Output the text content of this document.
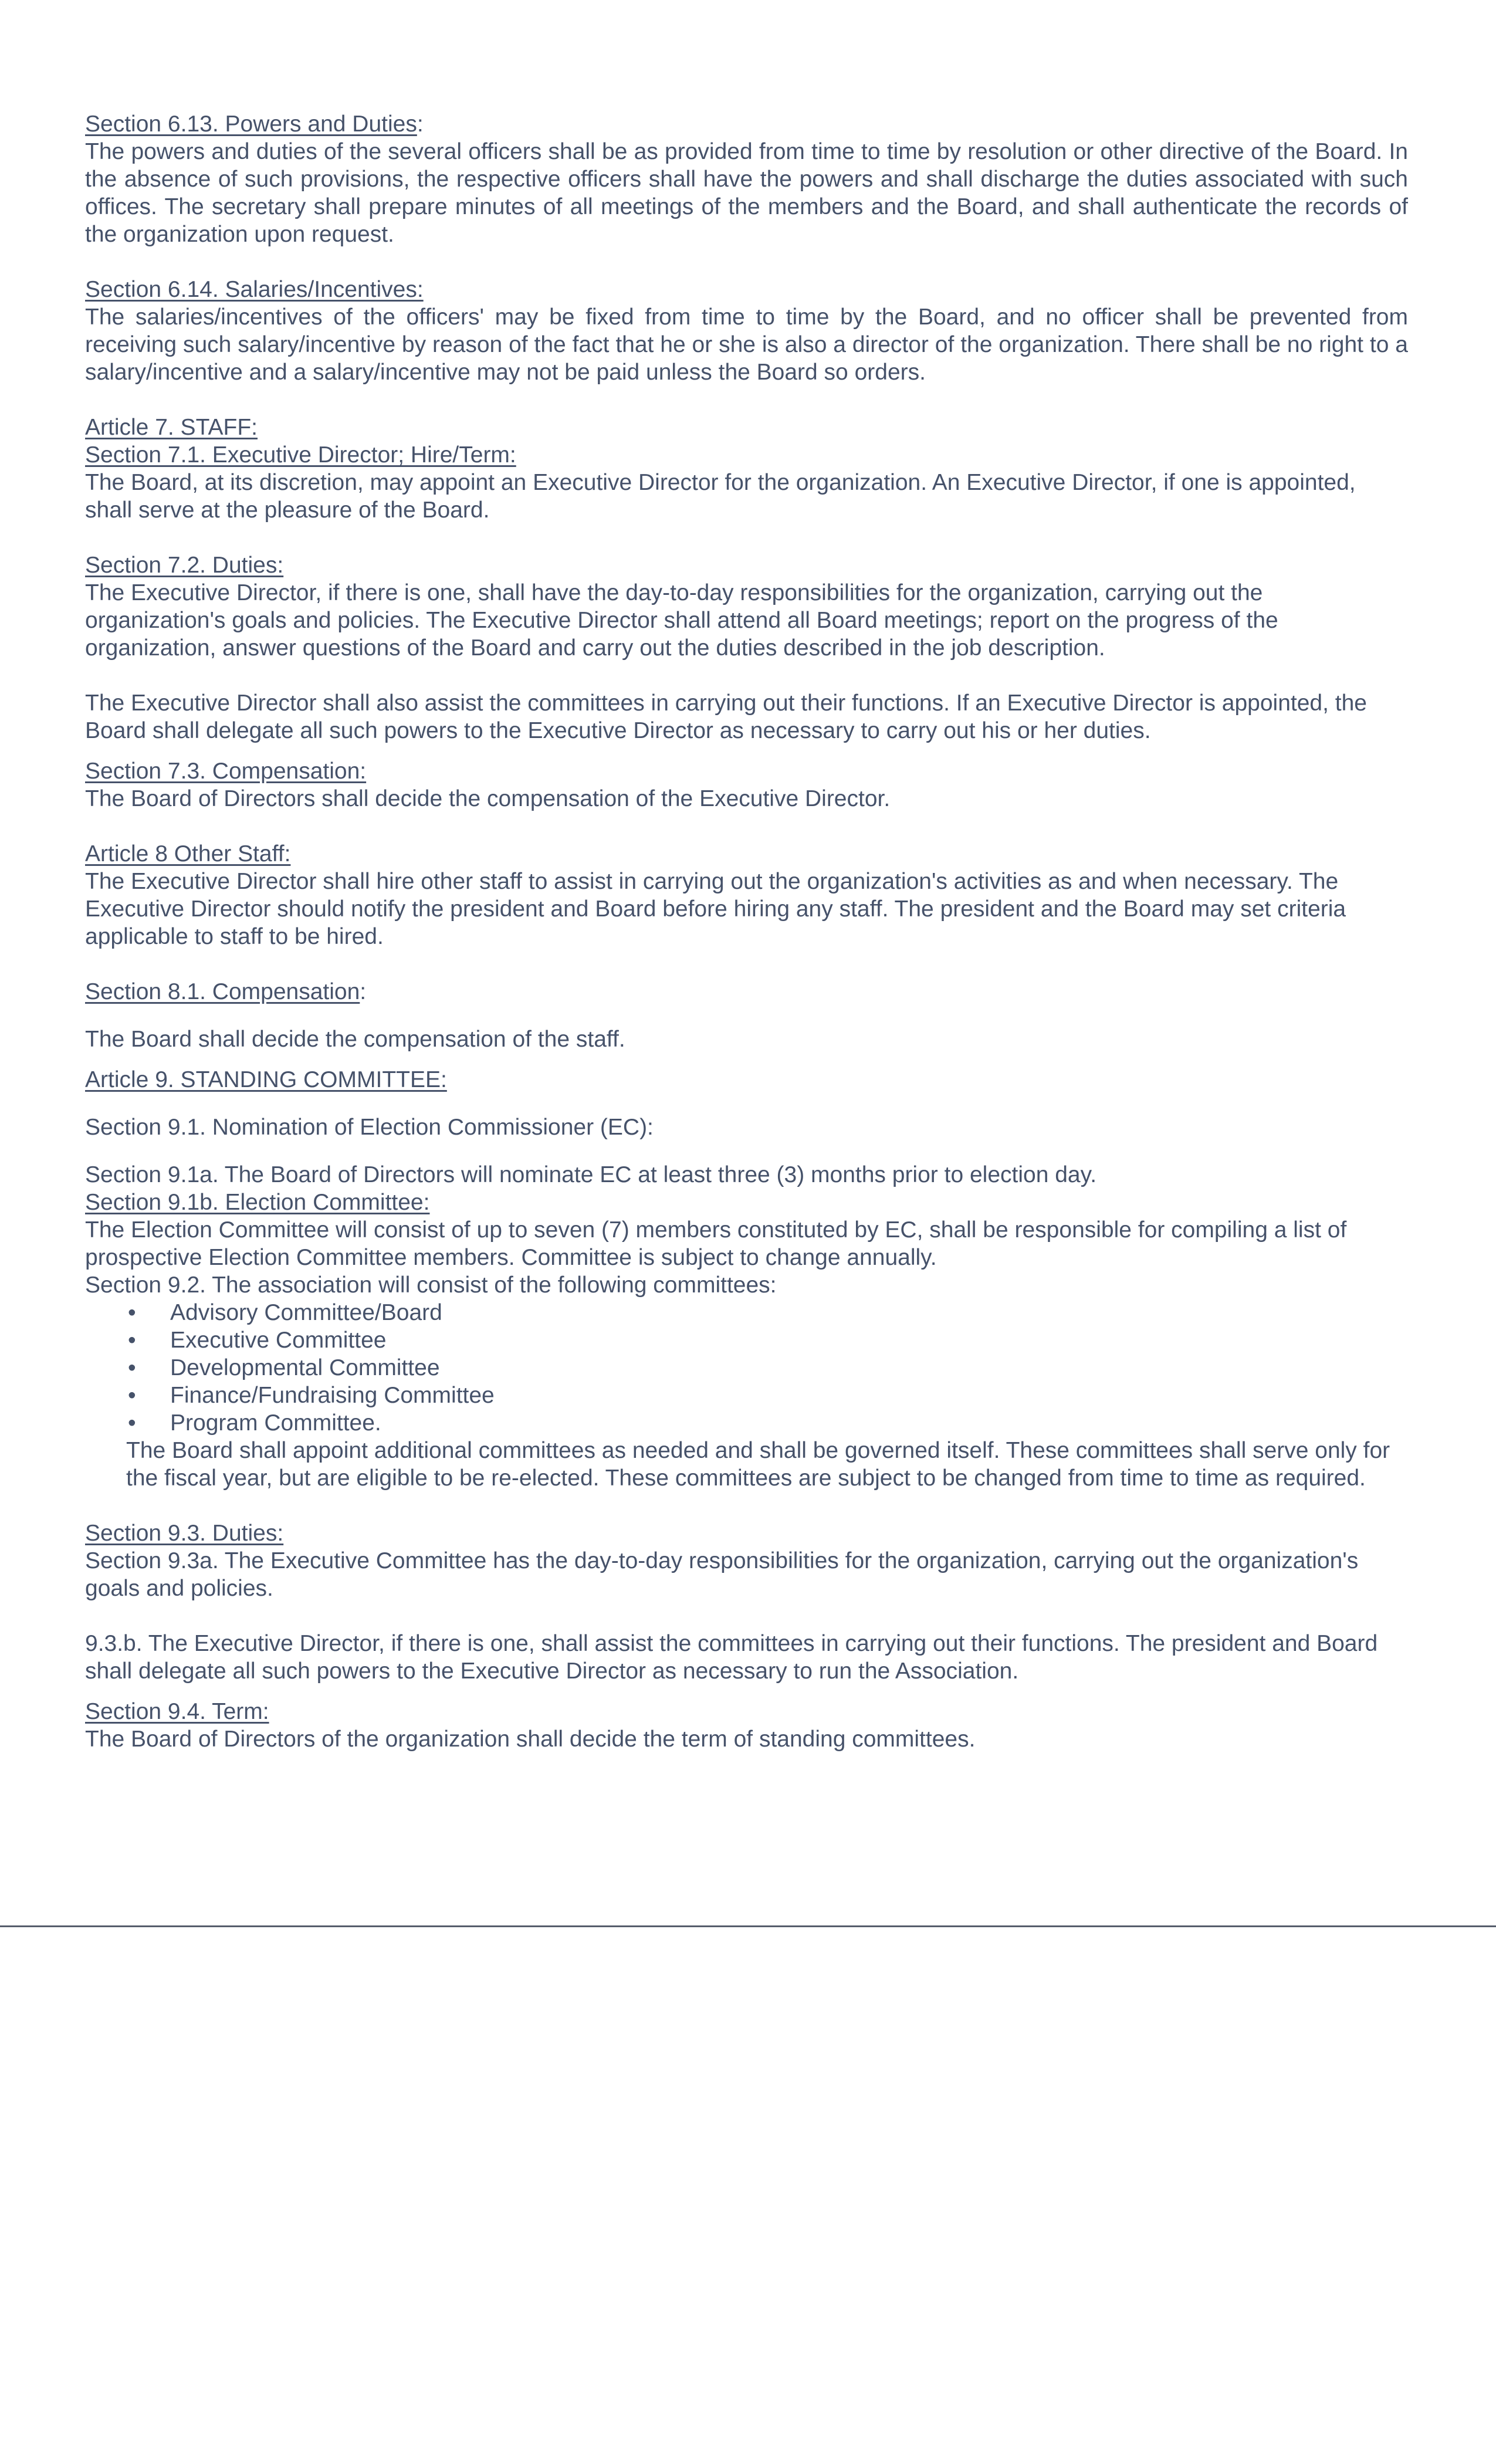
Section 6.13. Powers and Duties:

The powers and duties of the several officers shall be as provided from time to time by resolution or other directive of the Board. In the absence of such provisions, the respective officers shall have the powers and shall discharge the duties associated with such offices. The secretary shall prepare minutes of all meetings of the members and the Board, and shall authenticate the records of the organization upon request.

Section 6.14. Salaries/Incentives:

The salaries/incentives of the officers' may be fixed from time to time by the Board, and no officer shall be prevented from receiving such salary/incentive by reason of the fact that he or she is also a director of the organization. There shall be no right to a salary/incentive and a salary/incentive may not be paid unless the Board so orders.

Article 7. STAFF:

Section 7.1. Executive Director; Hire/Term:

The Board, at its discretion, may appoint an Executive Director for the organization. An Executive Director, if one is appointed, shall serve at the pleasure of the Board.

Section 7.2. Duties:

The Executive Director, if there is one, shall have the day-to-day responsibilities for the organization, carrying out the organization's goals and policies. The Executive Director shall attend all Board meetings; report on the progress of the organization, answer questions of the Board and carry out the duties described in the job description.

The Executive Director shall also assist the committees in carrying out their functions. If an Executive Director is appointed, the Board shall delegate all such powers to the Executive Director as necessary to carry out his or her duties.

Section 7.3. Compensation:

The Board of Directors shall decide the compensation of the Executive Director.

Article 8 Other Staff:

The Executive Director shall hire other staff to assist in carrying out the organization's activities as and when necessary. The Executive Director should notify the president and Board before hiring any staff. The president and the Board may set criteria applicable to staff to be hired.

Section 8.1. Compensation:

The Board shall decide the compensation of the staff.

Article 9. STANDING COMMITTEE:

Section 9.1. Nomination of Election Commissioner (EC):

Section 9.1a. The Board of Directors will nominate EC at least three (3) months prior to election day.

Section 9.1b. Election Committee:

The Election Committee will consist of up to seven (7) members constituted by EC, shall be responsible for compiling a list of prospective Election Committee members. Committee is subject to change annually.

Section 9.2. The association will consist of the following committees:

• Advisory Committee/Board
• Executive Committee
• Developmental Committee
• Finance/Fundraising Committee
• Program Committee.

The Board shall appoint additional committees as needed and shall be governed itself. These committees shall serve only for the fiscal year, but are eligible to be re-elected. These committees are subject to be changed from time to time as required.

Section 9.3. Duties:

Section 9.3a. The Executive Committee has the day-to-day responsibilities for the organization, carrying out the organization's goals and policies.

9.3.b. The Executive Director, if there is one, shall assist the committees in carrying out their functions. The president and Board shall delegate all such powers to the Executive Director as necessary to run the Association.

Section 9.4. Term:

The Board of Directors of the organization shall decide the term of standing committees.
